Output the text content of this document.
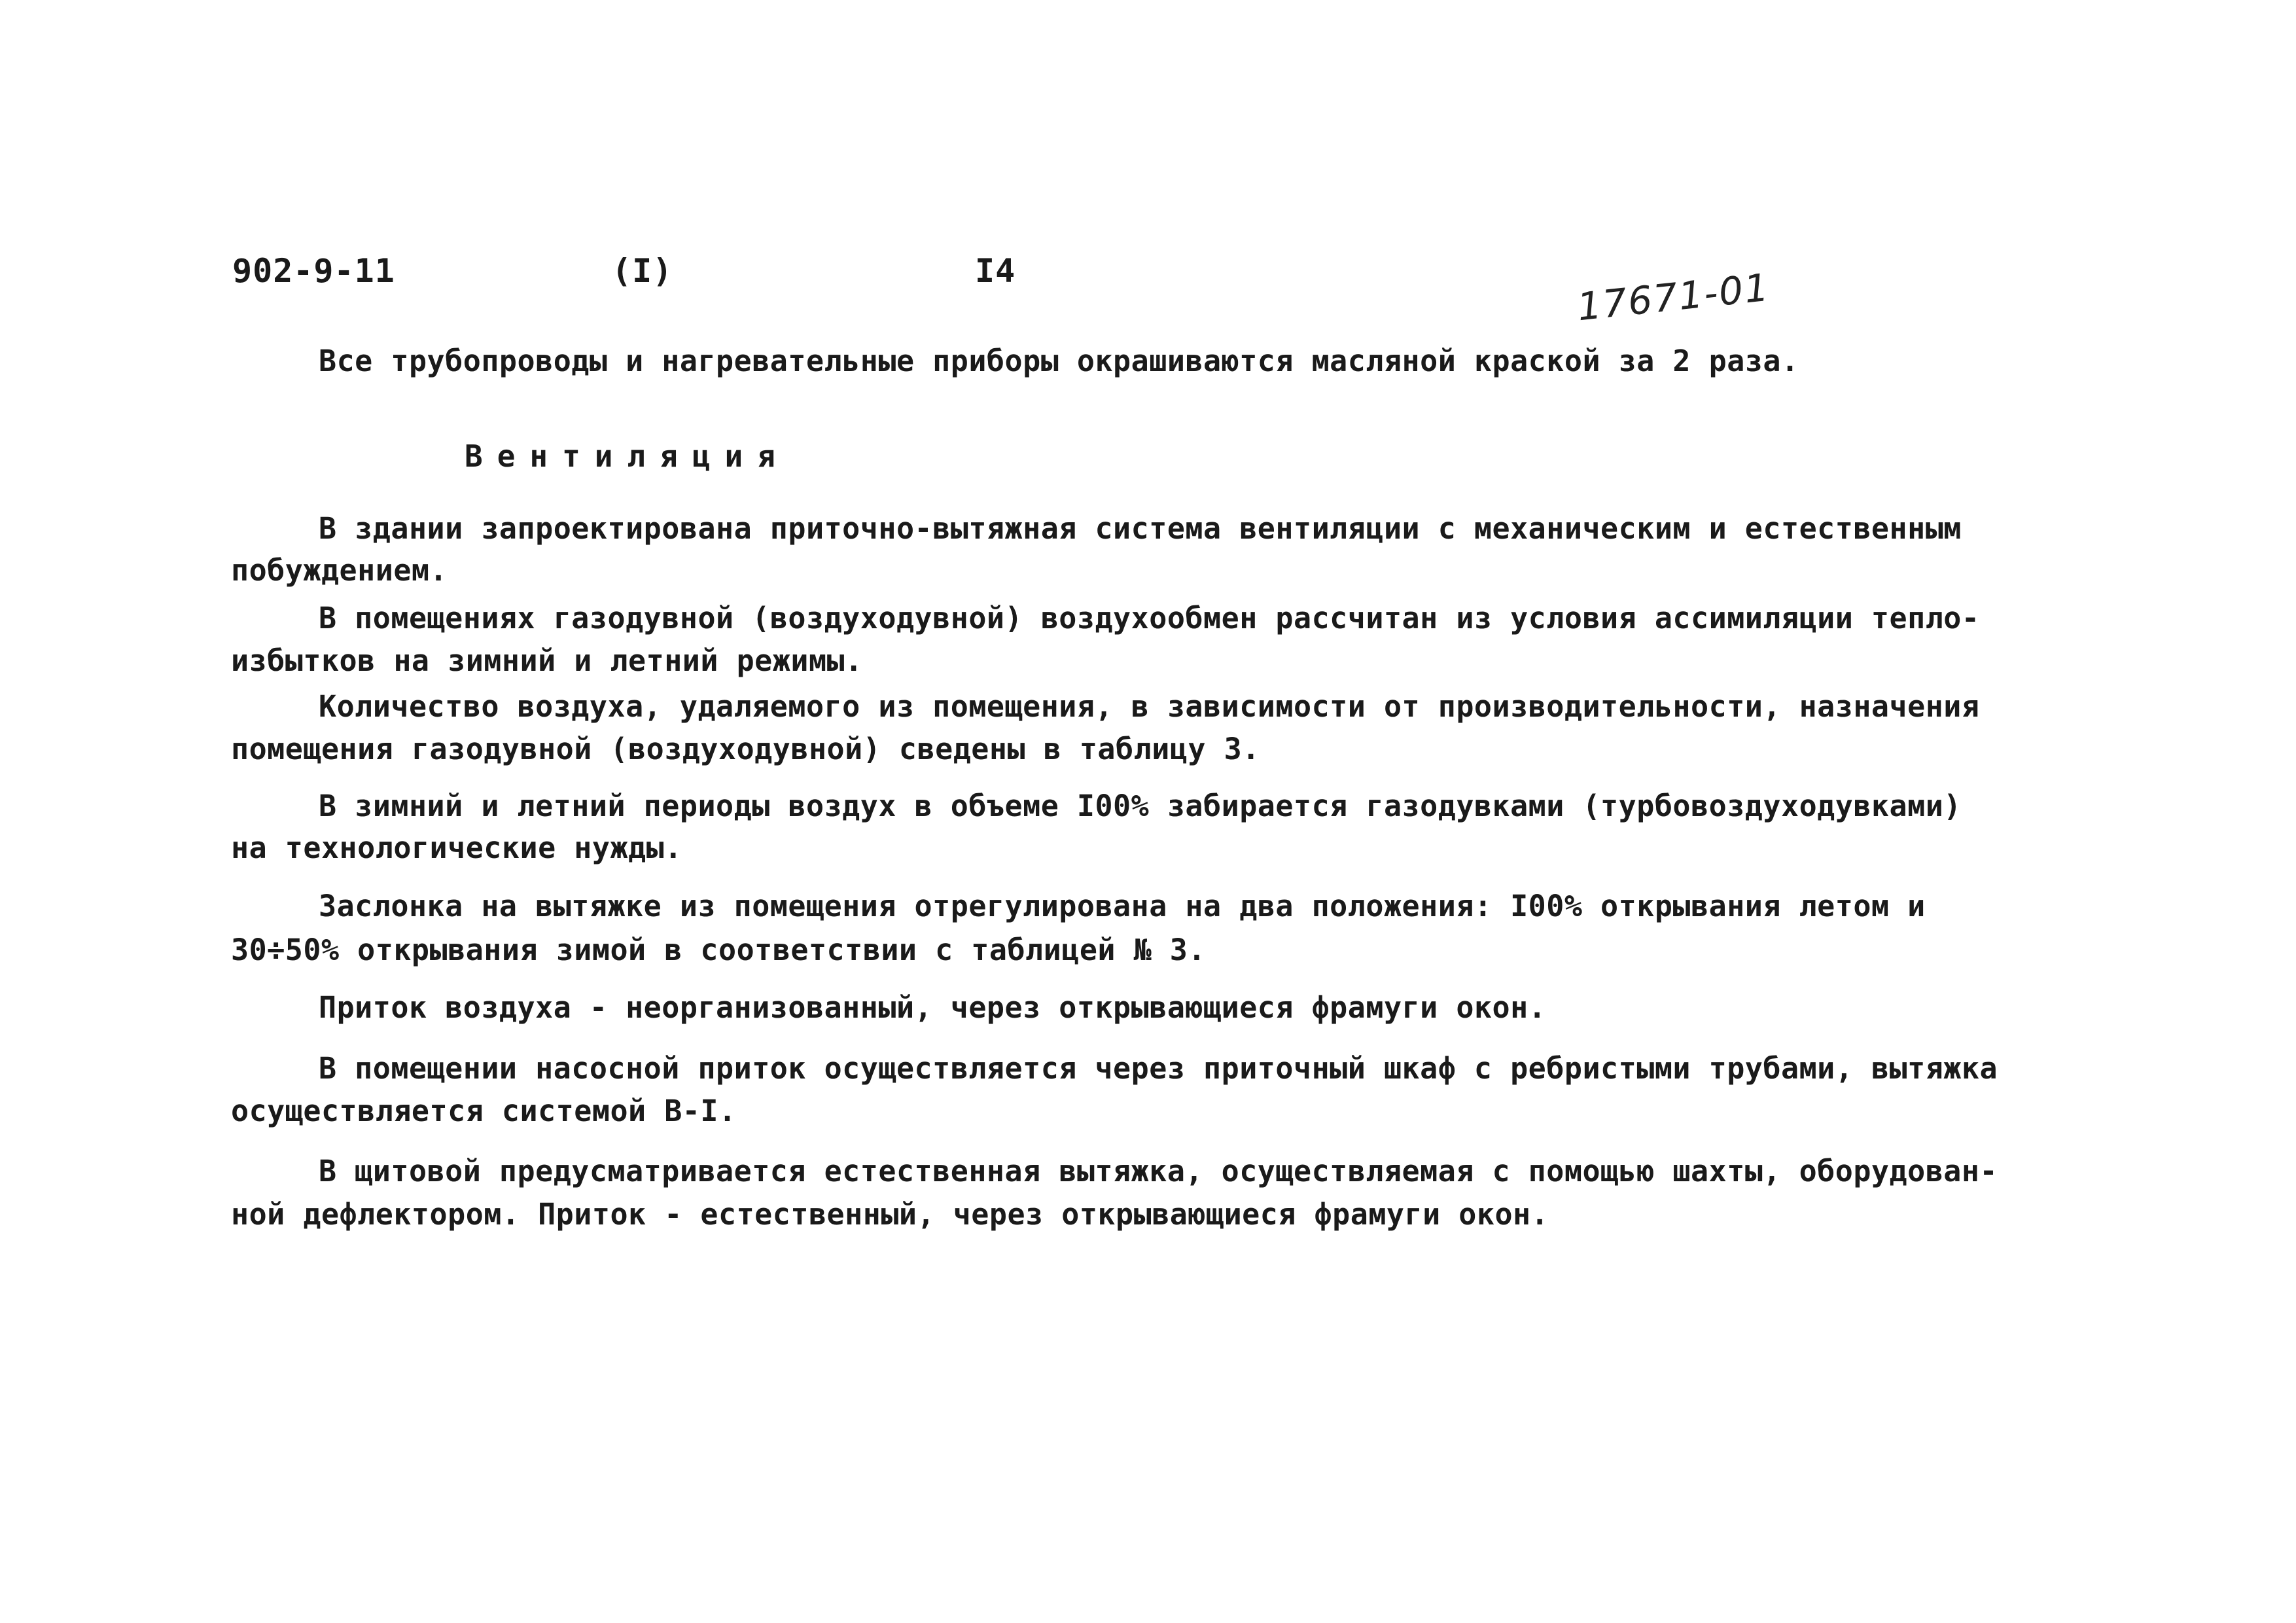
902-9-11	(I)	I4	17671-01
Все трубопроводы и нагревательные приборы окрашиваются масляной краской за 2 раза.
Вентиляция
В здании запроектирована приточно-вытяжная система вентиляции с механическим и естественным
побуждением.
В помещениях газодувной (воздуходувной) воздухообмен рассчитан из условия ассимиляции тепло-
избытков на зимний и летний режимы.
Количество воздуха, удаляемого из помещения, в зависимости от производительности, назначения
помещения газодувной (воздуходувной) сведены в таблицу 3.
В зимний и летний периоды воздух в объеме I00% забирается газодувками (турбовоздуходувками)
на технологические нужды.
Заслонка на вытяжке из помещения отрегулирована на два положения: I00% открывания летом и
30÷50% открывания зимой в соответствии с таблицей № 3.
Приток воздуха - неорганизованный, через открывающиеся фрамуги окон.
В помещении насосной приток осуществляется через приточный шкаф с ребристыми трубами, вытяжка
осуществляется системой В-I.
В щитовой предусматривается естественная вытяжка, осуществляемая с помощью шахты, оборудован-
ной дефлектором. Приток - естественный, через открывающиеся фрамуги окон.
